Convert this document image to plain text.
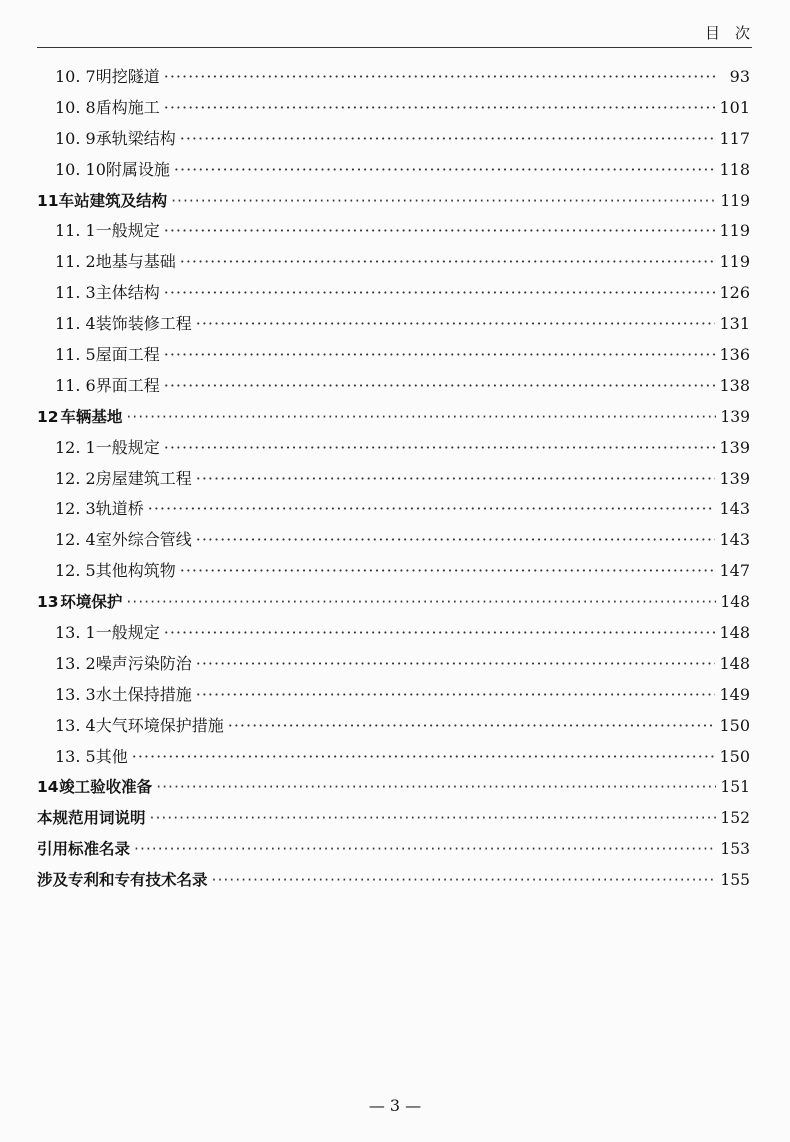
目　次
10. 7 明挖隧道 ·····	93
10. 8 盾构施工 ·····	101
10. 9 承轨梁结构 ·····	117
10. 10 附属设施 ·····	118
11 车站建筑及结构 ·····	119
11. 1 一般规定 ·····	119
11. 2 地基与基础 ·····	119
11. 3 主体结构 ·····	126
11. 4 装饰装修工程 ·····	131
11. 5 屋面工程 ·····	136
11. 6 界面工程 ·····	138
12 车辆基地 ·····	139
12. 1 一般规定 ·····	139
12. 2 房屋建筑工程 ·····	139
12. 3 轨道桥 ·····	143
12. 4 室外综合管线 ·····	143
12. 5 其他构筑物 ·····	147
13 环境保护 ·····	148
13. 1 一般规定 ·····	148
13. 2 噪声污染防治 ·····	148
13. 3 水土保持措施 ·····	149
13. 4 大气环境保护措施 ·····	150
13. 5 其他 ·····	150
14 竣工验收准备 ·····	151
本规范用词说明 ·····	152
引用标准名录 ·····	153
涉及专利和专有技术名录 ·····	155
— 3 —
